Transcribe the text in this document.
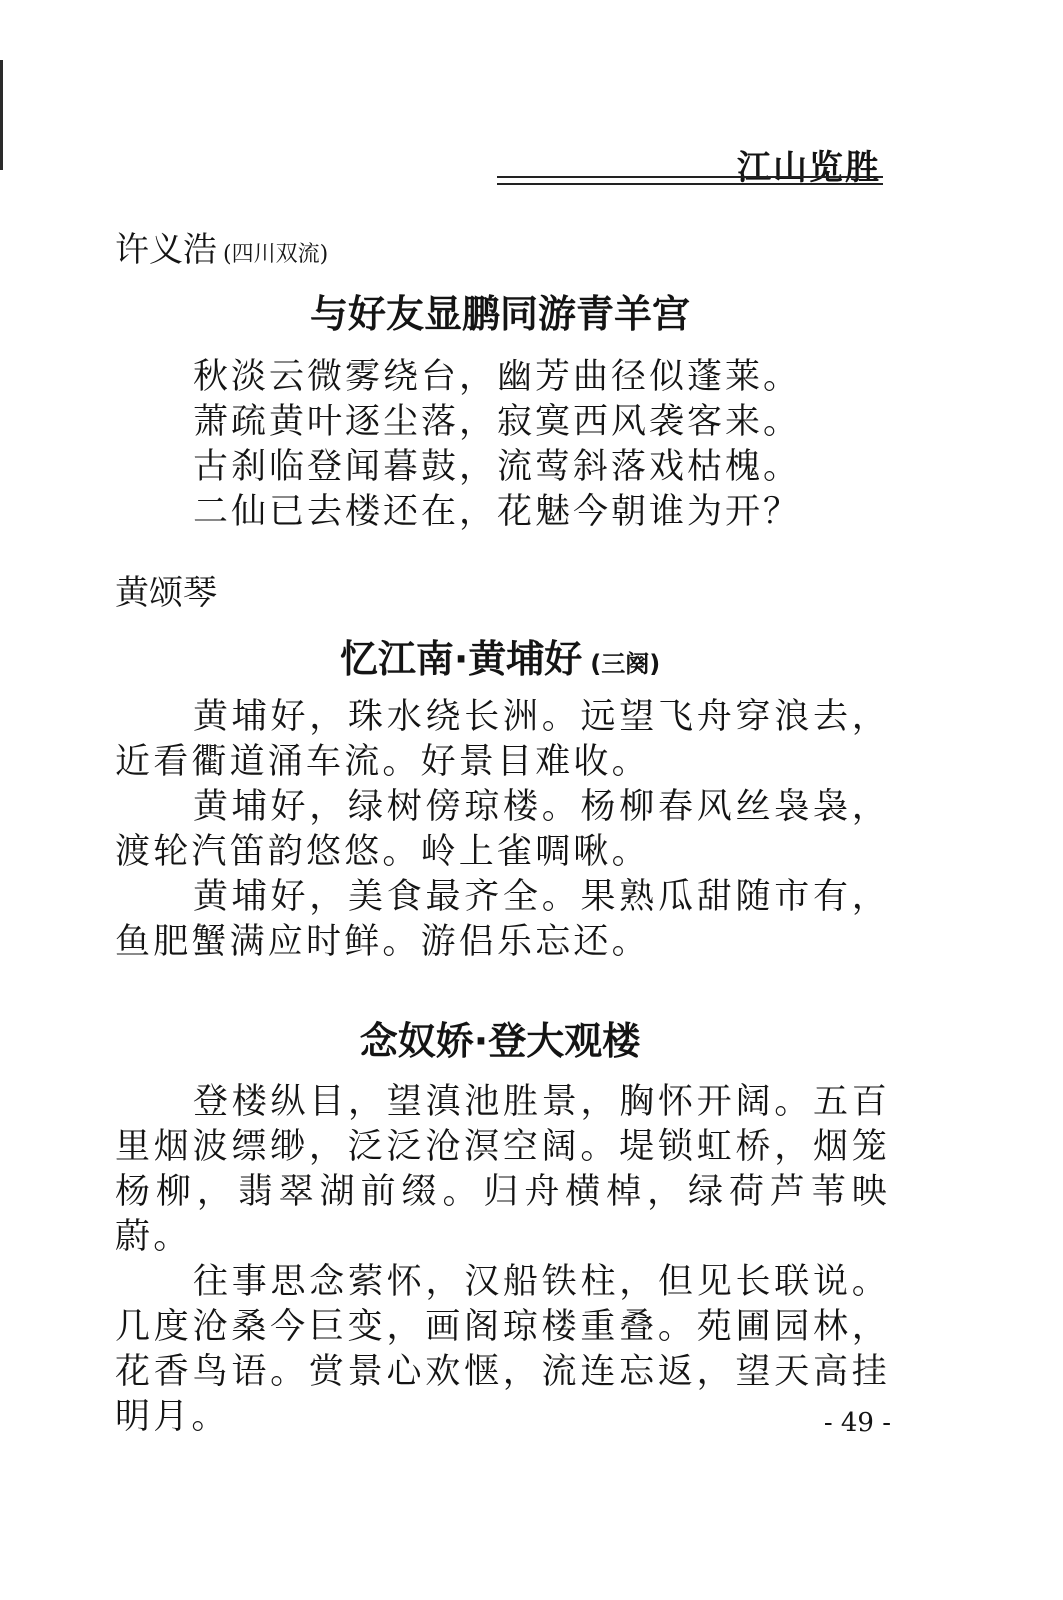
江山览胜
许义浩 (四川双流)
与好友显鹏同游青羊宫
秋淡云微雾绕台，幽芳曲径似蓬莱。
萧疏黄叶逐尘落，寂寞西风袭客来。
古刹临登闻暮鼓，流莺斜落戏枯槐。
二仙已去楼还在，花魅今朝谁为开？
黄颂琴
忆江南·黄埔好 (三阕)

黄埔好，珠水绕长洲。远望飞舟穿浪去，近看衢道涌车流。好景目难收。

黄埔好，绿树傍琼楼。杨柳春风丝袅袅，渡轮汽笛韵悠悠。岭上雀啁啾。

黄埔好，美食最齐全。果熟瓜甜随市有，鱼肥蟹满应时鲜。游侣乐忘还。

念奴娇·登大观楼

登楼纵目，望滇池胜景，胸怀开阔。五百里烟波缥缈，泛泛沧溟空阔。堤锁虹桥，烟笼杨柳，翡翠湖前缀。归舟横棹，绿荷芦苇映蔚。

往事思念萦怀，汉船铁柱，但见长联说。几度沧桑今巨变，画阁琼楼重叠。苑圃园林，花香鸟语。赏景心欢惬，流连忘返，望天高挂明月。	- 49 -
